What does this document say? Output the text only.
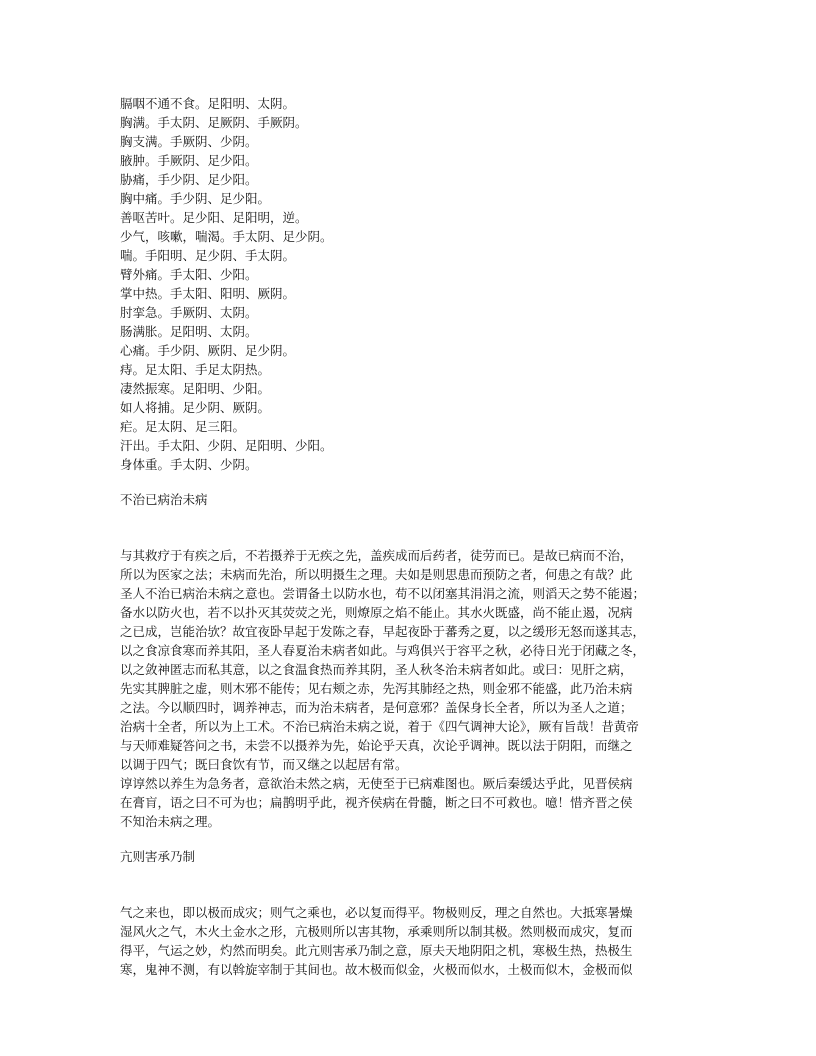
膈咽不通不食。足阳明、太阴。

胸满。手太阴、足厥阴、手厥阴。

胸支满。手厥阴、少阴。

腋肿。手厥阴、足少阳。

胁痛，手少阴、足少阳。

胸中痛。手少阴、足少阳。

善呕苦叶。足少阳、足阳明，逆。

少气，咳嗽，喘渴。手太阴、足少阴。

喘。手阳明、足少阴、手太阴。

臂外痛。手太阳、少阳。

掌中热。手太阳、阳明、厥阴。

肘挛急。手厥阴、太阴。

肠满胀。足阳明、太阴。

心痛。手少阴、厥阴、足少阴。

痔。足太阳、手足太阴热。

凄然振寒。足阳明、少阳。

如人将捕。足少阴、厥阴。

疟。足太阴、足三阳。

汗出。手太阳、少阴、足阳明、少阳。

身体重。手太阴、少阴。

不治已病治未病

与其救疗于有疾之后，不若摄养于无疾之先，盖疾成而后药者，徒劳而已。是故已病而不治，

所以为医家之法；未病而先治，所以明摄生之理。夫如是则思患而预防之者，何患之有哉？此

圣人不治已病治未病之意也。尝谓备土以防水也，苟不以闭塞其涓涓之流，则滔天之势不能遏；

备水以防火也，若不以扑灭其荧荧之光，则燎原之焰不能止。其水火既盛，尚不能止遏，况病

之已成，岂能治欤？故宜夜卧早起于发陈之春，早起夜卧于蕃秀之夏，以之缓形无怒而遂其志，

以之食凉食寒而养其阳，圣人春夏治未病者如此。与鸡俱兴于容平之秋，必待日光于闭藏之冬，

以之敛神匿志而私其意，以之食温食热而养其阴，圣人秋冬治未病者如此。或曰：见肝之病，

先实其脾脏之虚，则木邪不能传；见右颊之赤，先泻其肺经之热，则金邪不能盛，此乃治未病

之法。今以顺四时，调养神志，而为治未病者，是何意邪？盖保身长全者，所以为圣人之道；

治病十全者，所以为上工术。不治已病治未病之说，着于《四气调神大论》，厥有旨哉！昔黄帝

与天师难疑答问之书，未尝不以摄养为先，始论乎天真，次论乎调神。既以法于阴阳，而继之

以调于四气；既曰食饮有节，而又继之以起居有常。

谆谆然以养生为急务者，意欲治未然之病，无使至于已病难图也。厥后秦缓达乎此，见晋侯病

在膏肓，语之曰不可为也；扁鹊明乎此，视齐侯病在骨髓，断之曰不可救也。噫！惜齐晋之侯

不知治未病之理。

亢则害承乃制

气之来也，即以极而成灾；则气之乘也，必以复而得平。物极则反，理之自然也。大抵寒暑燥

湿风火之气，木火土金水之形，亢极则所以害其物，承乘则所以制其极。然则极而成灾，复而

得平，气运之妙，灼然而明矣。此亢则害承乃制之意，原夫天地阴阳之机，寒极生热，热极生

寒，鬼神不测，有以斡旋宰制于其间也。故木极而似金，火极而似水，土极而似木，金极而似
